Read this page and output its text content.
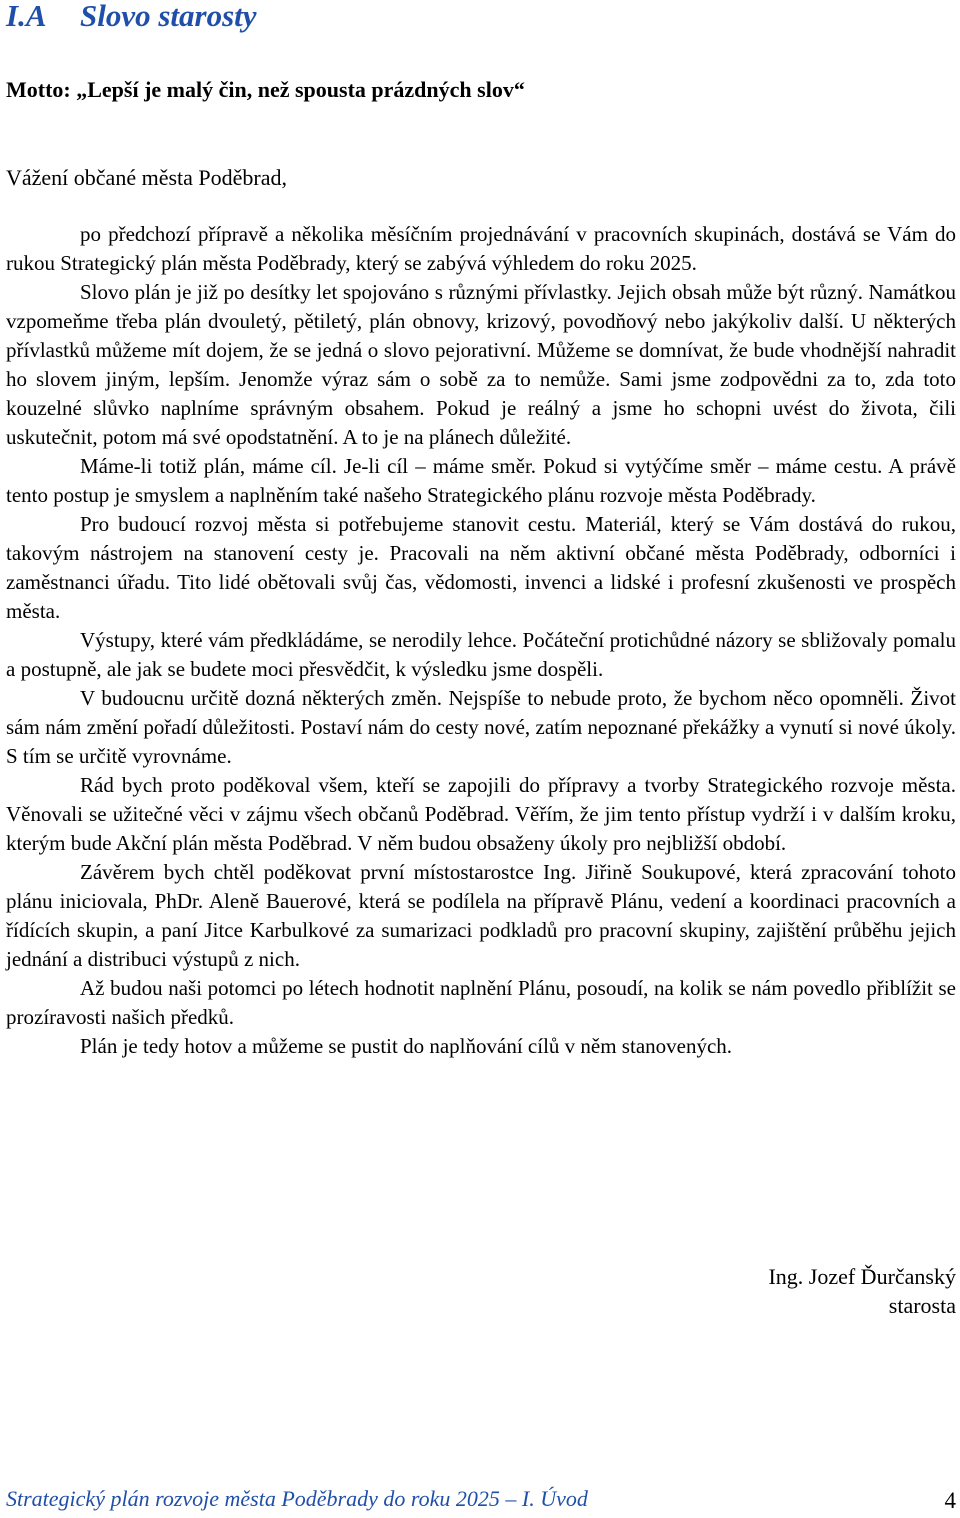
I.A Slovo starosty

Motto: „Lepší je malý čin, než spousta prázdných slov“

Vážení občané města Poděbrad,

po předchozí přípravě a několika měsíčním projednávání v pracovních skupinách, dostává se Vám do rukou Strategický plán města Poděbrady, který se zabývá výhledem do roku 2025.

Slovo plán je již po desítky let spojováno s různými přívlastky. Jejich obsah může být různý. Namátkou vzpomeňme třeba plán dvouletý, pětiletý, plán obnovy, krizový, povodňový nebo jakýkoliv další. U některých přívlastků můžeme mít dojem, že se jedná o slovo pejorativní. Můžeme se domnívat, že bude vhodnější nahradit ho slovem jiným, lepším. Jenomže výraz sám o sobě za to nemůže. Sami jsme zodpovědni za to, zda toto kouzelné slůvko naplníme správným obsahem. Pokud je reálný a jsme ho schopni uvést do života, čili uskutečnit, potom má své opodstatnění. A to je na plánech důležité.

Máme-li totiž plán, máme cíl. Je-li cíl – máme směr. Pokud si vytýčíme směr – máme cestu. A právě tento postup je smyslem a naplněním také našeho Strategického plánu rozvoje města Poděbrady.

Pro budoucí rozvoj města si potřebujeme stanovit cestu. Materiál, který se Vám dostává do rukou, takovým nástrojem na stanovení cesty je. Pracovali na něm aktivní občané města Poděbrady, odborníci i zaměstnanci úřadu. Tito lidé obětovali svůj čas, vědomosti, invenci a lidské i profesní zkušenosti ve prospěch města.

Výstupy, které vám předkládáme, se nerodily lehce. Počáteční protichůdné názory se sbližovaly pomalu a postupně, ale jak se budete moci přesvědčit, k výsledku jsme dospěli.

V budoucnu určitě dozná některých změn. Nejspíše to nebude proto, že bychom něco opomněli. Život sám nám změní pořadí důležitosti. Postaví nám do cesty nové, zatím nepoznané překážky a vynutí si nové úkoly. S tím se určitě vyrovnáme.

Rád bych proto poděkoval všem, kteří se zapojili do přípravy a tvorby Strategického rozvoje města. Věnovali se užitečné věci v zájmu všech občanů Poděbrad. Věřím, že jim tento přístup vydrží i v dalším kroku, kterým bude Akční plán města Poděbrad. V něm budou obsaženy úkoly pro nejbližší období.

Závěrem bych chtěl poděkovat první místostarostce Ing. Jiřině Soukupové, která zpracování tohoto plánu iniciovala, PhDr. Aleně Bauerové, která se podílela na přípravě Plánu, vedení a koordinaci pracovních a řídících skupin, a paní Jitce Karbulkové za sumarizaci podkladů pro pracovní skupiny, zajištění průběhu jejich jednání a distribuci výstupů z nich.

Až budou naši potomci po létech hodnotit naplnění Plánu, posoudí, na kolik se nám povedlo přiblížit se prozíravosti našich předků.

Plán je tedy hotov a můžeme se pustit do naplňování cílů v něm stanovených.

Ing. Jozef Ďurčanský
starosta

Strategický plán rozvoje města Poděbrady do roku 2025 – I. Úvod	4
